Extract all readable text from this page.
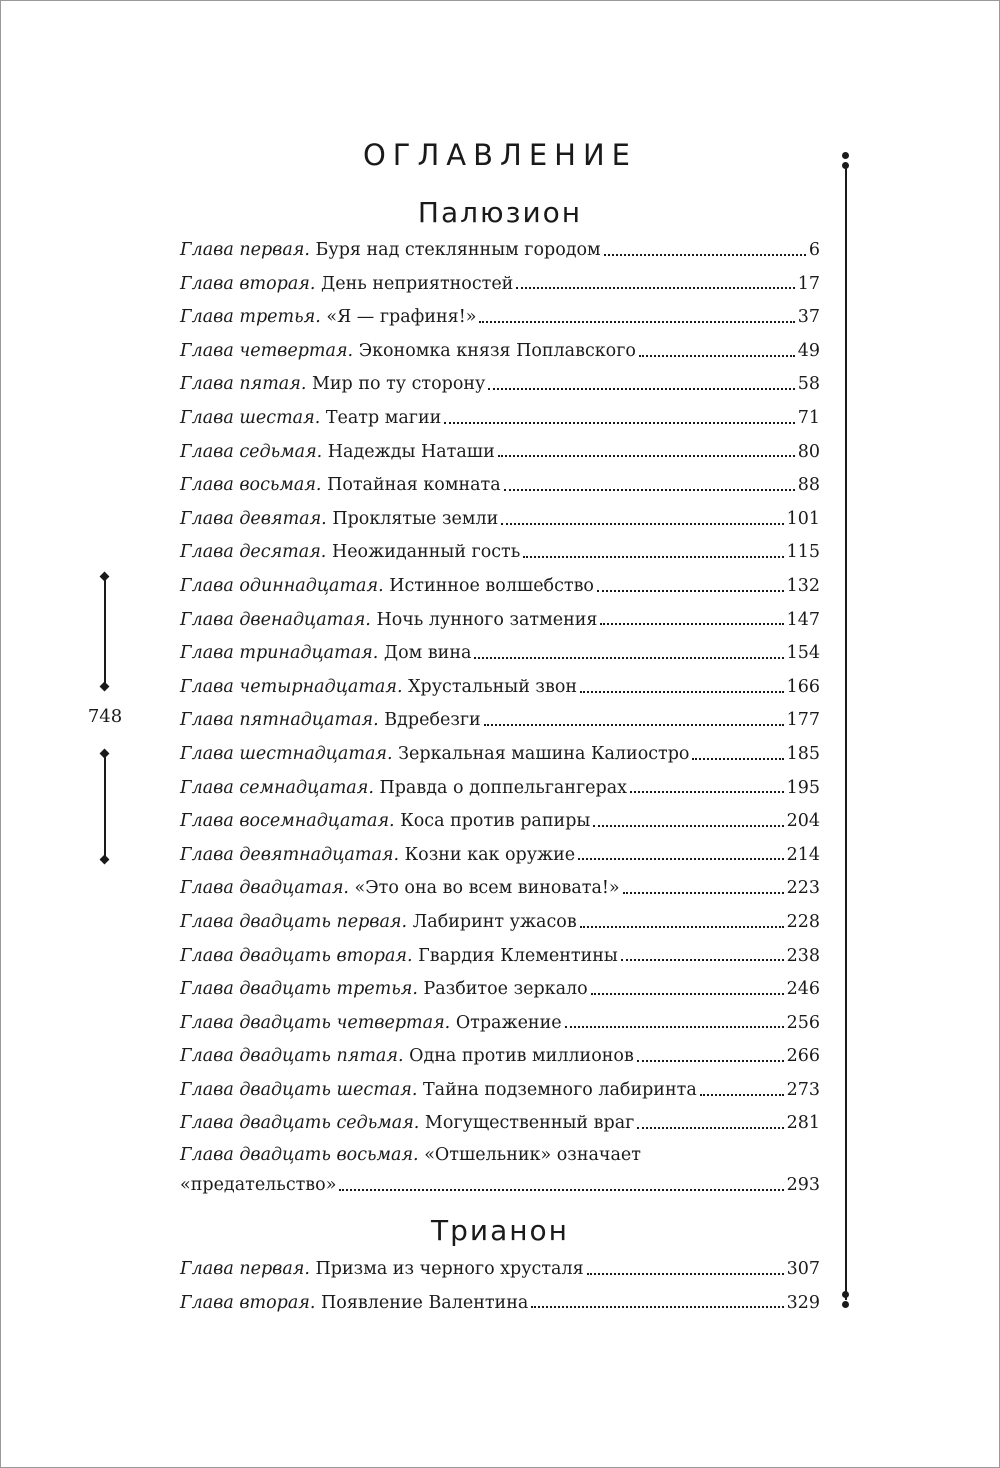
ОГЛАВЛЕНИЕ
Палюзион
Глава первая. Буря над стеклянным городом	6
Глава вторая. День неприятностей	17
Глава третья. «Я — графиня!»	37
Глава четвертая. Экономка князя Поплавского	49
Глава пятая. Мир по ту сторону	58
Глава шестая. Театр магии	71
Глава седьмая. Надежды Наташи	80
Глава восьмая. Потайная комната	88
Глава девятая. Проклятые земли	101
Глава десятая. Неожиданный гость	115
Глава одиннадцатая. Истинное волшебство	132
Глава двенадцатая. Ночь лунного затмения	147
Глава тринадцатая. Дом вина	154
Глава четырнадцатая. Хрустальный звон	166
Глава пятнадцатая. Вдребезги	177
Глава шестнадцатая. Зеркальная машина Калиостро	185
Глава семнадцатая. Правда о доппельгангерах	195
Глава восемнадцатая. Коса против рапиры	204
Глава девятнадцатая. Козни как оружие	214
Глава двадцатая. «Это она во всем виновата!»	223
Глава двадцать первая. Лабиринт ужасов	228
Глава двадцать вторая. Гвардия Клементины	238
Глава двадцать третья. Разбитое зеркало	246
Глава двадцать четвертая. Отражение	256
Глава двадцать пятая. Одна против миллионов	266
Глава двадцать шестая. Тайна подземного лабиринта	273
Глава двадцать седьмая. Могущественный враг	281
Глава двадцать восьмая. «Отшельник» означает
«предательство»	293
Трианон
Глава первая. Призма из черного хрусталя	307
Глава вторая. Появление Валентина	329
748
